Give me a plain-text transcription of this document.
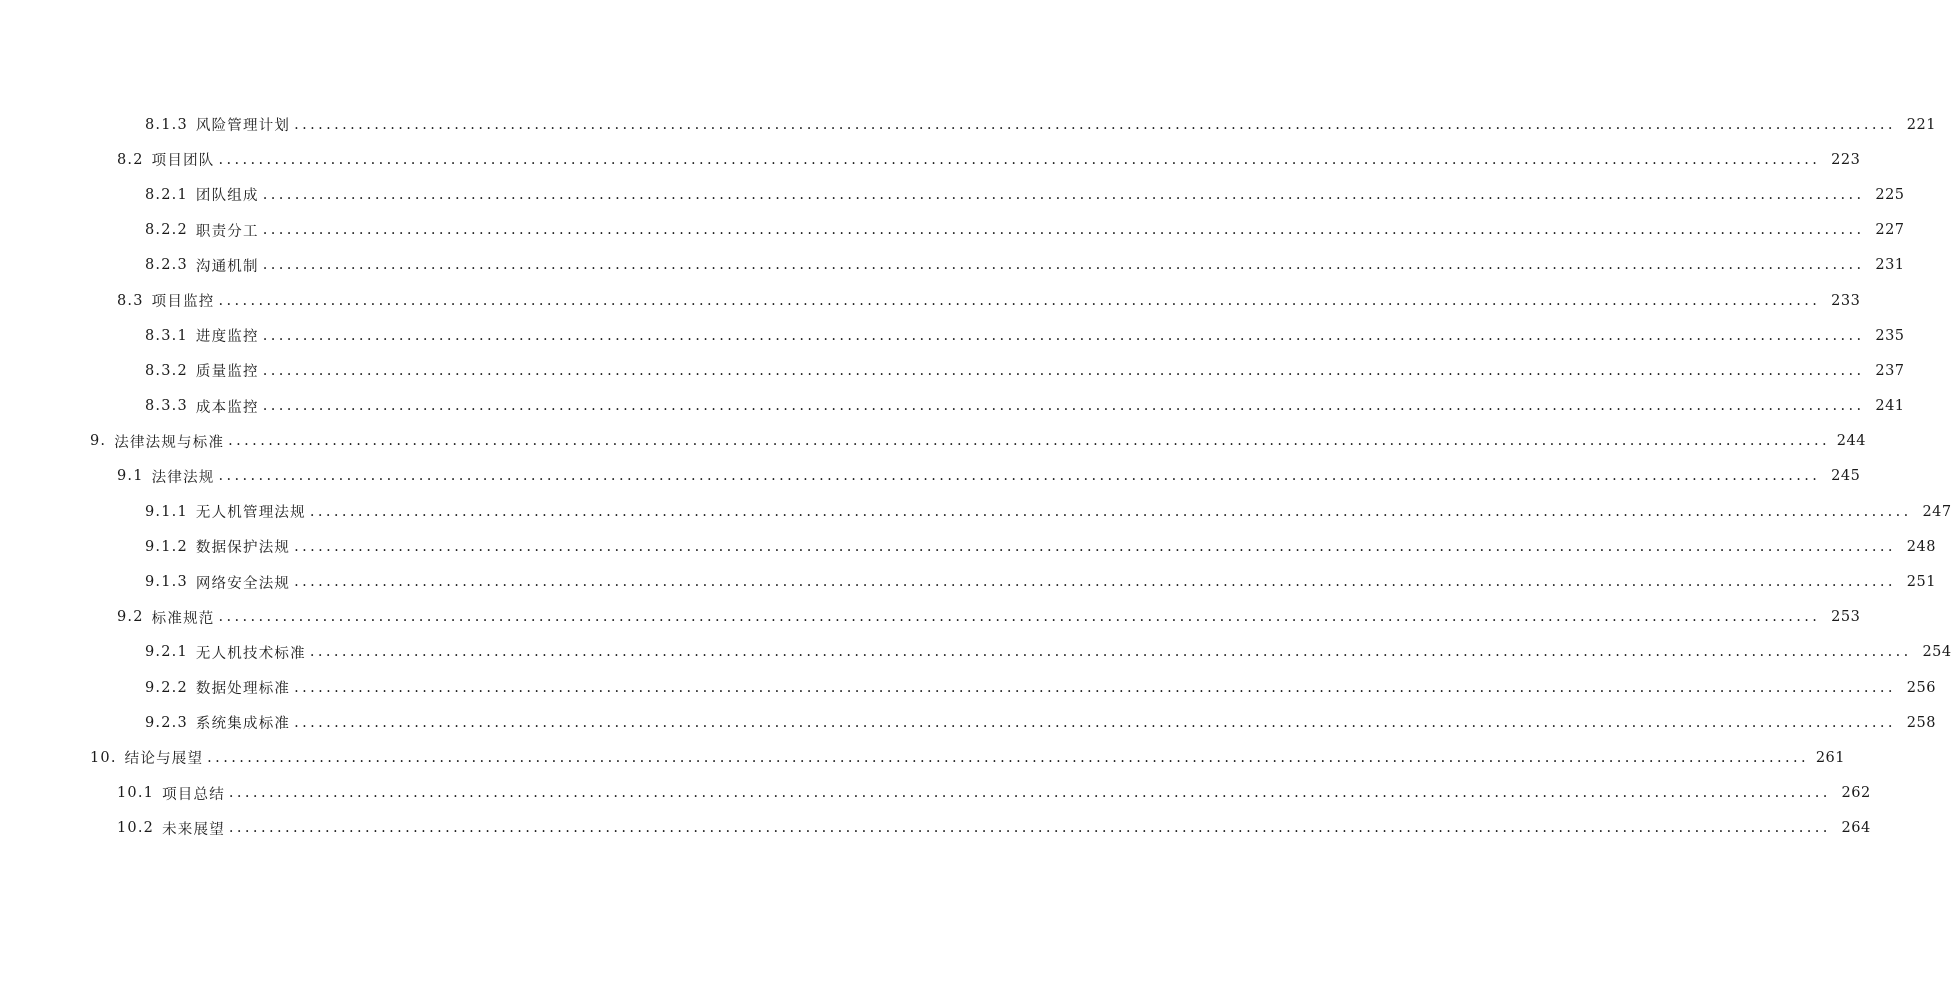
8.1.3 风险管理计划 ........................................................................................................................................................................................................ 221
8.2 项目团队 ........................................................................................................................................................................................................ 223
8.2.1 团队组成 ........................................................................................................................................................................................................ 225
8.2.2 职责分工 ........................................................................................................................................................................................................ 227
8.2.3 沟通机制 ........................................................................................................................................................................................................ 231
8.3 项目监控 ........................................................................................................................................................................................................ 233
8.3.1 进度监控 ........................................................................................................................................................................................................ 235
8.3.2 质量监控 ........................................................................................................................................................................................................ 237
8.3.3 成本监控 ........................................................................................................................................................................................................ 241
9. 法律法规与标准 ........................................................................................................................................................................................................ 244
9.1 法律法规 ........................................................................................................................................................................................................ 245
9.1.1 无人机管理法规 ........................................................................................................................................................................................................ 247
9.1.2 数据保护法规 ........................................................................................................................................................................................................ 248
9.1.3 网络安全法规 ........................................................................................................................................................................................................ 251
9.2 标准规范 ........................................................................................................................................................................................................ 253
9.2.1 无人机技术标准 ........................................................................................................................................................................................................ 254
9.2.2 数据处理标准 ........................................................................................................................................................................................................ 256
9.2.3 系统集成标准 ........................................................................................................................................................................................................ 258
10. 结论与展望 ........................................................................................................................................................................................................ 261
10.1 项目总结 ........................................................................................................................................................................................................ 262
10.2 未来展望 ........................................................................................................................................................................................................ 264
